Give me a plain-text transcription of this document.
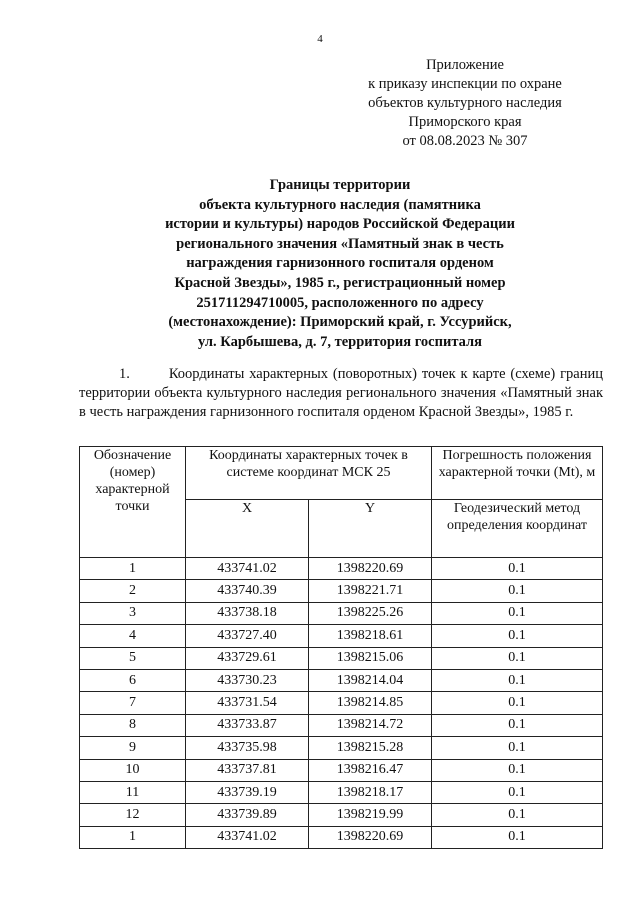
4
Приложение
к приказу инспекции по охране
объектов культурного наследия
Приморского края
от 08.08.2023 № 307
Границы территории
объекта культурного наследия (памятника
истории и культуры) народов Российской Федерации
регионального значения «Памятный знак в честь
награждения гарнизонного госпиталя орденом
Красной Звезды», 1985 г., регистрационный номер
251711294710005, расположенного по адресу
(местонахождение): Приморский край, г. Уссурийск,
ул. Карбышева, д. 7, территория госпиталя
1.	Координаты характерных (поворотных) точек к карте (схеме) границ территории объекта культурного наследия регионального значения «Памятный знак в честь награждения гарнизонного госпиталя орденом Красной Звезды», 1985 г.
Обозначение (номер) характерной точки	Координаты характерных точек в системе координат МСК 25		Погрешность положения характерной точки (Mt), м
	X	Y	Геодезический метод определения координат
1	433741.02	1398220.69	0.1
2	433740.39	1398221.71	0.1
3	433738.18	1398225.26	0.1
4	433727.40	1398218.61	0.1
5	433729.61	1398215.06	0.1
6	433730.23	1398214.04	0.1
7	433731.54	1398214.85	0.1
8	433733.87	1398214.72	0.1
9	433735.98	1398215.28	0.1
10	433737.81	1398216.47	0.1
11	433739.19	1398218.17	0.1
12	433739.89	1398219.99	0.1
1	433741.02	1398220.69	0.1
